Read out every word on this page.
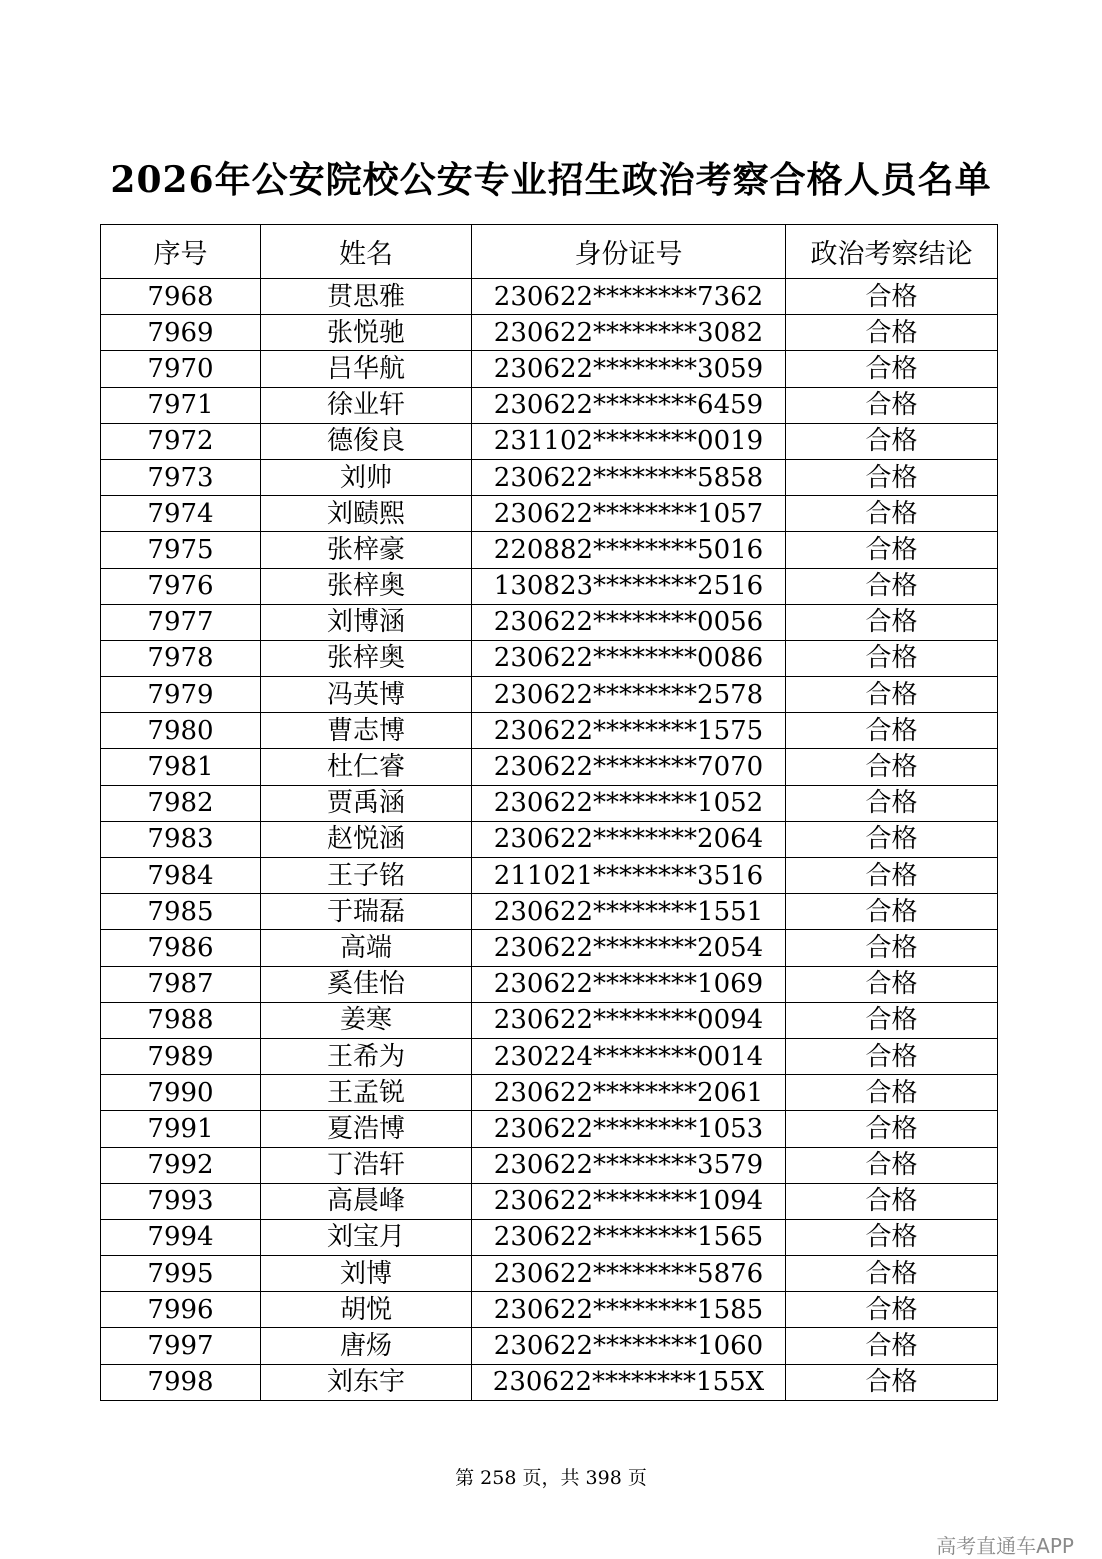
2026年公安院校公安专业招生政治考察合格人员名单
序号	姓名	身份证号	政治考察结论
7968	贯思雅	230622********7362	合格
7969	张悦驰	230622********3082	合格
7970	吕华航	230622********3059	合格
7971	徐业轩	230622********6459	合格
7972	德俊良	231102********0019	合格
7973	刘帅	230622********5858	合格
7974	刘赜熙	230622********1057	合格
7975	张梓豪	220882********5016	合格
7976	张梓奥	130823********2516	合格
7977	刘博涵	230622********0056	合格
7978	张梓奥	230622********0086	合格
7979	冯英博	230622********2578	合格
7980	曹志博	230622********1575	合格
7981	杜仁睿	230622********7070	合格
7982	贾禹涵	230622********1052	合格
7983	赵悦涵	230622********2064	合格
7984	王子铭	211021********3516	合格
7985	于瑞磊	230622********1551	合格
7986	高端	230622********2054	合格
7987	奚佳怡	230622********1069	合格
7988	姜寒	230622********0094	合格
7989	王希为	230224********0014	合格
7990	王孟锐	230622********2061	合格
7991	夏浩博	230622********1053	合格
7992	丁浩轩	230622********3579	合格
7993	高晨峰	230622********1094	合格
7994	刘宝月	230622********1565	合格
7995	刘博	230622********5876	合格
7996	胡悦	230622********1585	合格
7997	唐炀	230622********1060	合格
7998	刘东宇	230622********155X	合格
第 258 页，共 398 页
高考直通车APP
